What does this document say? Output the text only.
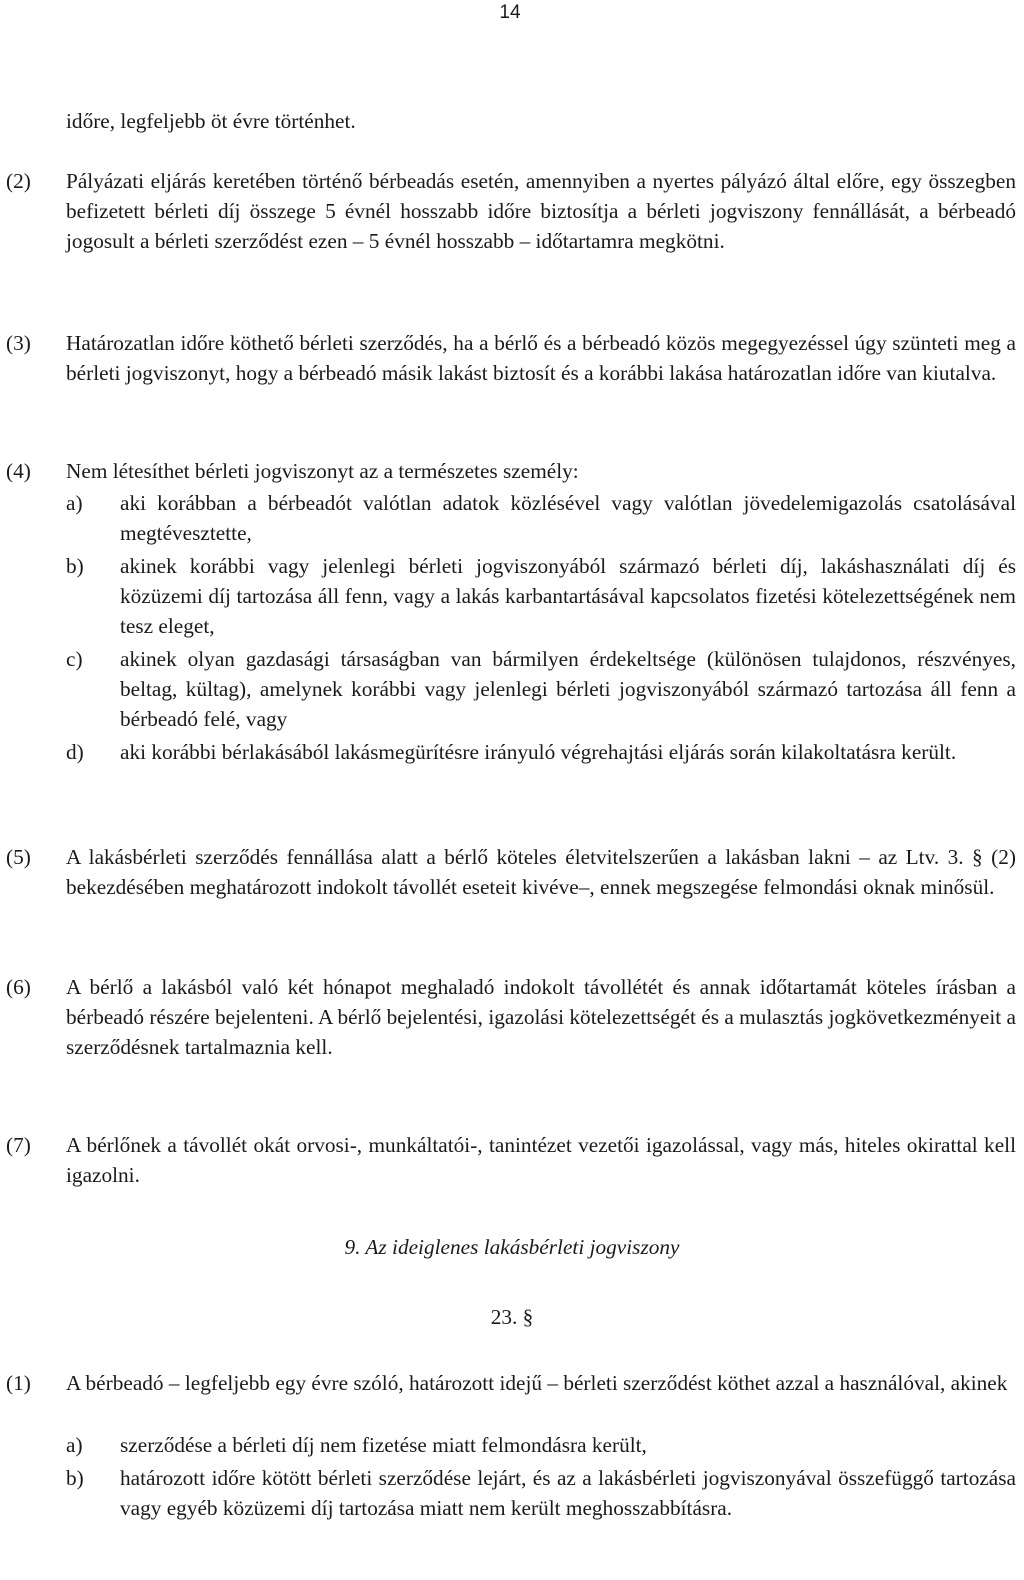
14
időre, legfeljebb öt évre történhet.
(2)	Pályázati eljárás keretében történő bérbeadás esetén, amennyiben a nyertes pályázó által előre, egy összegben befizetett bérleti díj összege 5 évnél hosszabb időre biztosítja a bérleti jogviszony fennállását, a bérbeadó jogosult a bérleti szerződést ezen – 5 évnél hosszabb – időtartamra megkötni.
(3)	Határozatlan időre köthető bérleti szerződés, ha a bérlő és a bérbeadó közös megegyezéssel úgy szünteti meg a bérleti jogviszonyt, hogy a bérbeadó másik lakást biztosít és a korábbi lakása határozatlan időre van kiutalva.
(4)	Nem létesíthet bérleti jogviszonyt az a természetes személy:
a) aki korábban a bérbeadót valótlan adatok közlésével vagy valótlan jövedelemigazolás csatolásával megtévesztette,
b) akinek korábbi vagy jelenlegi bérleti jogviszonyából származó bérleti díj, lakáshasználati díj és közüzemi díj tartozása áll fenn, vagy a lakás karbantartásával kapcsolatos fizetési kötelezettségének nem tesz eleget,
c) akinek olyan gazdasági társaságban van bármilyen érdekeltsége (különösen tulajdonos, részvényes, beltag, kültag), amelynek korábbi vagy jelenlegi bérleti jogviszonyából származó tartozása áll fenn a bérbeadó felé, vagy
d) aki korábbi bérlakásából lakásmegürítésre irányuló végrehajtási eljárás során kilakoltatásra került.
(5)	A lakásbérleti szerződés fennállása alatt a bérlő köteles életvitelszerűen a lakásban lakni – az Ltv. 3. § (2) bekezdésében meghatározott indokolt távollét eseteit kivéve–, ennek megszegése felmondási oknak minősül.
(6)	A bérlő a lakásból való két hónapot meghaladó indokolt távollétét és annak időtartamát köteles írásban a bérbeadó részére bejelenteni. A bérlő bejelentési, igazolási kötelezettségét és a mulasztás jogkövetkezményeit a szerződésnek tartalmaznia kell.
(7)	A bérlőnek a távollét okát orvosi-, munkáltatói-, tanintézet vezetői igazolással, vagy más, hiteles okirattal kell igazolni.
9. Az ideiglenes lakásbérleti jogviszony
23. §
(1)	A bérbeadó – legfeljebb egy évre szóló, határozott idejű – bérleti szerződést köthet azzal a használóval, akinek
a) szerződése a bérleti díj nem fizetése miatt felmondásra került,
b) határozott időre kötött bérleti szerződése lejárt, és az a lakásbérleti jogviszonyával összefüggő tartozása vagy egyéb közüzemi díj tartozása miatt nem került meghosszabbításra.
